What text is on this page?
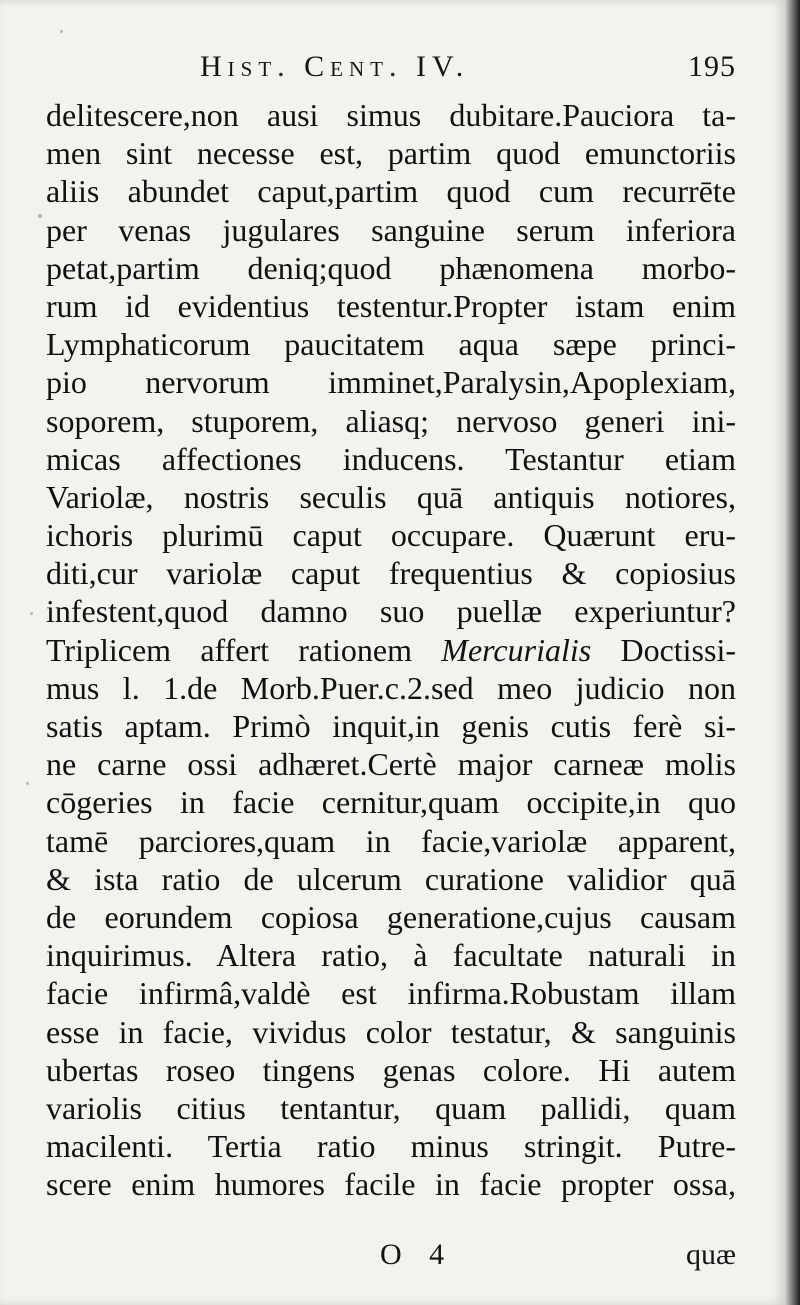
Hist. Cent. IV.	195
delitescere,non ausi simus dubitare.Pauciora ta-
men sint necesse est, partim quod emunctoriis
aliis abundet caput,partim quod cum recurrēte
per venas jugulares sanguine serum inferiora
petat,partim deniq;quod phænomena morbo-
rum id evidentius testentur.Propter istam enim
Lymphaticorum paucitatem aqua sæpe princi-
pio nervorum imminet,Paralysin,Apoplexiam,
soporem, stuporem, aliasq; nervoso generi ini-
micas affectiones inducens. Testantur etiam
Variolæ, nostris seculis quā antiquis notiores,
ichoris plurimū caput occupare. Quærunt eru-
diti,cur variolæ caput frequentius & copiosius
infestent,quod damno suo puellæ experiuntur?
Triplicem affert rationem Mercurialis Doctissi-
mus l. 1.de Morb.Puer.c.2.sed meo judicio non
satis aptam. Primò inquit,in genis cutis ferè si-
ne carne ossi adhæret.Certè major carneæ molis
cōgeries in facie cernitur,quam occipite,in quo
tamē parciores,quam in facie,variolæ apparent,
& ista ratio de ulcerum curatione validior quā
de eorundem copiosa generatione,cujus causam
inquirimus. Altera ratio, à facultate naturali in
facie infirmâ,valdè est infirma.Robustam illam
esse in facie, vividus color testatur, & sanguinis
ubertas roseo tingens genas colore. Hi autem
variolis citius tentantur, quam pallidi, quam
macilenti. Tertia ratio minus stringit. Putre-
scere enim humores facile in facie propter ossa,
O 4	quæ
